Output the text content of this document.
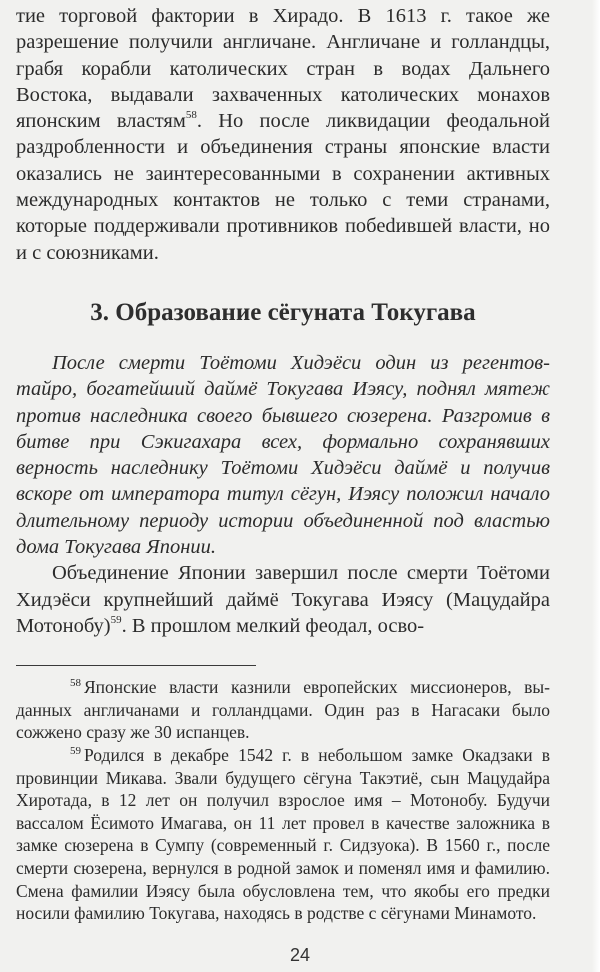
тие торговой фактории в Хирадо. В 1613 г. такое же разрешение получили англичане. Англичане и голландцы, грабя корабли католических стран в водах Дальнего Востока, выдавали захваченных католических монахов японским властям$^{58}$. Но после ликвидации феодальной раздробленности и объединения страны японские власти оказались не заинтересованными в сохранении активных международных контактов не только с теми странами, которые поддерживали противников побеdившей власти, но и с союзниками.

3. Образование сёгуната Токугава

После смерти Тоётоми Хидэёси один из регентов-тайро, богатейший даймё Токугава Иэясу, поднял мятеж против наследника своего бывшего сюзерена. Разгромив в битве при Сэкигахара всех, формально сохранявших верность наследнику Тоётоми Хидэёси даймё и получив вскоре от императора титул сёгун, Иэясу положил начало длительному периоду истории объединенной под властью дома Токугава Японии.

Объединение Японии завершил после смерти Тоётоми Хидэёси крупнейший даймё Токугава Иэясу (Мацудайра Мотонобу)$^{59}$. В прошлом мелкий феодал, осво-

$^{58}$ Японские власти казнили европейских миссионеров, выданных англичанами и голландцами. Один раз в Нагасаки было сожжено сразу же 30 испанцев.

$^{59}$ Родился в декабре 1542 г. в небольшом замке Окадзаки в провинции Микава. Звали будущего сёгуна Такэтиё, сын Мацудайра Хиротада, в 12 лет он получил взрослое имя – Мотонобу. Будучи вассалом Ёсимото Имагава, он 11 лет провел в качестве заложника в замке сюзерена в Сумпу (современный г. Сидзуока). В 1560 г., после смерти сюзерена, вернулся в родной замок и поменял имя и фамилию. Смена фамилии Иэясу была обусловлена тем, что якобы его предки носили фамилию Токугава, находясь в родстве с сёгунами Минамото.

24
